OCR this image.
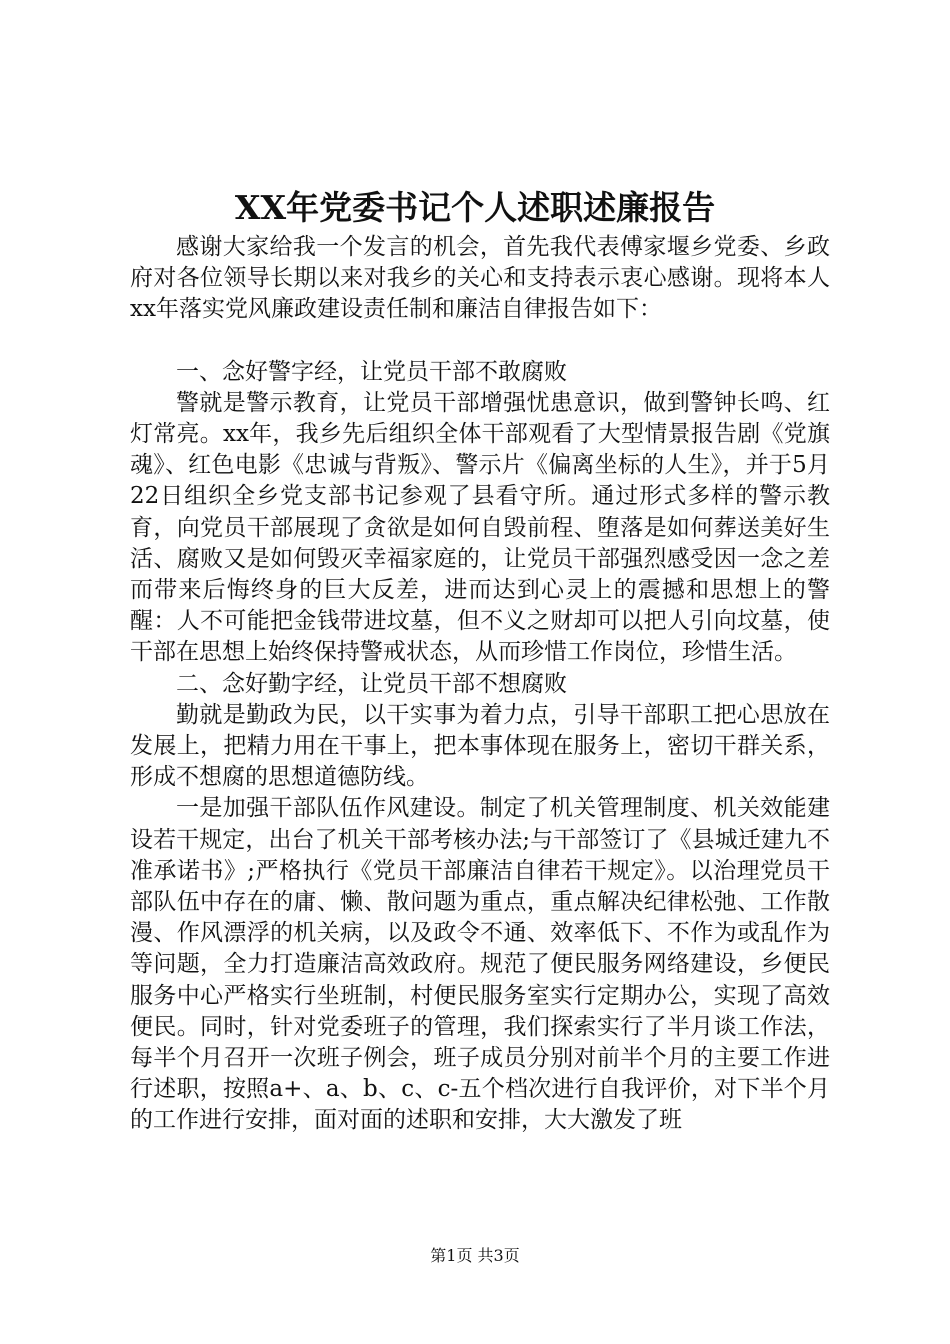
XX年党委书记个人述职述廉报告

感谢大家给我一个发言的机会，首先我代表傅家堰乡党委、乡政府对各位领导长期以来对我乡的关心和支持表示衷心感谢。现将本人xx年落实党风廉政建设责任制和廉洁自律报告如下：

一、念好警字经，让党员干部不敢腐败

警就是警示教育，让党员干部增强忧患意识，做到警钟长鸣、红灯常亮。xx年，我乡先后组织全体干部观看了大型情景报告剧《党旗魂》、红色电影《忠诚与背叛》、警示片《偏离坐标的人生》，并于5月22日组织全乡党支部书记参观了县看守所。通过形式多样的警示教育，向党员干部展现了贪欲是如何自毁前程、堕落是如何葬送美好生活、腐败又是如何毁灭幸福家庭的，让党员干部强烈感受因一念之差而带来后悔终身的巨大反差，进而达到心灵上的震撼和思想上的警醒：人不可能把金钱带进坟墓，但不义之财却可以把人引向坟墓，使干部在思想上始终保持警戒状态，从而珍惜工作岗位，珍惜生活。

二、念好勤字经，让党员干部不想腐败

勤就是勤政为民，以干实事为着力点，引导干部职工把心思放在发展上，把精力用在干事上，把本事体现在服务上，密切干群关系，形成不想腐的思想道德防线。

一是加强干部队伍作风建设。制定了机关管理制度、机关效能建设若干规定，出台了机关干部考核办法;与干部签订了《县城迁建九不准承诺书》;严格执行《党员干部廉洁自律若干规定》。以治理党员干部队伍中存在的庸、懒、散问题为重点，重点解决纪律松弛、工作散漫、作风漂浮的机关病，以及政令不通、效率低下、不作为或乱作为等问题，全力打造廉洁高效政府。规范了便民服务网络建设，乡便民服务中心严格实行坐班制，村便民服务室实行定期办公，实现了高效便民。同时，针对党委班子的管理，我们探索实行了半月谈工作法，每半个月召开一次班子例会，班子成员分别对前半个月的主要工作进行述职，按照a+、a、b、c、c-五个档次进行自我评价，对下半个月的工作进行安排，面对面的述职和安排，大大激发了班

第1页 共3页
